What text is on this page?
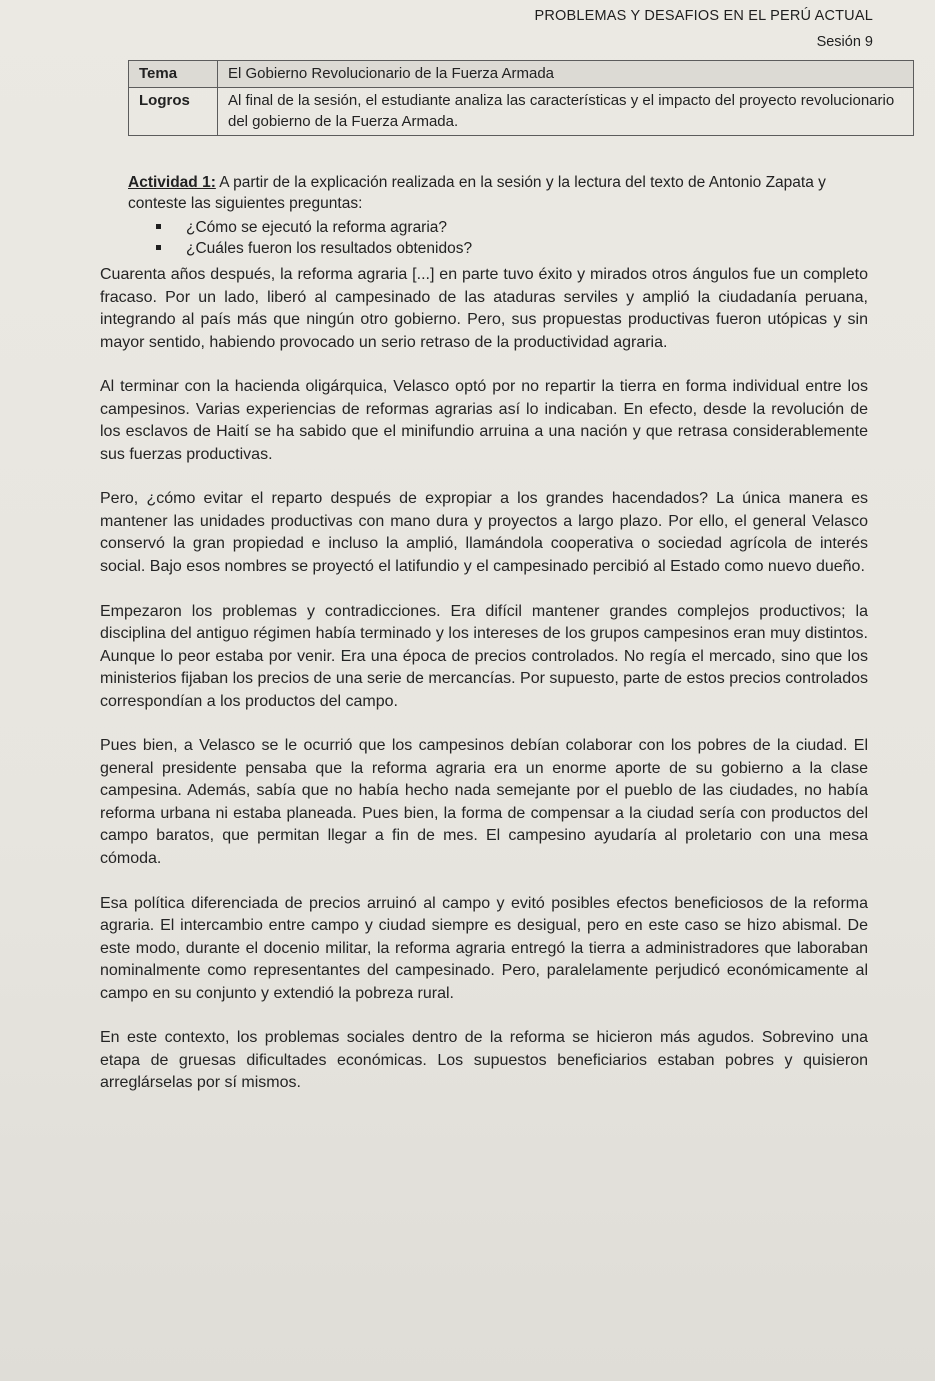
PROBLEMAS Y DESAFIOS EN EL PERÚ ACTUAL
Sesión 9
Tema	El Gobierno Revolucionario de la Fuerza Armada
Logros	Al final de la sesión, el estudiante analiza las características y el impacto del proyecto revolucionario del gobierno de la Fuerza Armada.
Actividad 1: A partir de la explicación realizada en la sesión y la lectura del texto de Antonio Zapata y conteste las siguientes preguntas:
¿Cómo se ejecutó la reforma agraria?
¿Cuáles fueron los resultados obtenidos?

Cuarenta años después, la reforma agraria [...] en parte tuvo éxito y mirados otros ángulos fue un completo fracaso. Por un lado, liberó al campesinado de las ataduras serviles y amplió la ciudadanía peruana, integrando al país más que ningún otro gobierno. Pero, sus propuestas productivas fueron utópicas y sin mayor sentido, habiendo provocado un serio retraso de la productividad agraria.

Al terminar con la hacienda oligárquica, Velasco optó por no repartir la tierra en forma individual entre los campesinos. Varias experiencias de reformas agrarias así lo indicaban. En efecto, desde la revolución de los esclavos de Haití se ha sabido que el minifundio arruina a una nación y que retrasa considerablemente sus fuerzas productivas.

Pero, ¿cómo evitar el reparto después de expropiar a los grandes hacendados? La única manera es mantener las unidades productivas con mano dura y proyectos a largo plazo. Por ello, el general Velasco conservó la gran propiedad e incluso la amplió, llamándola cooperativa o sociedad agrícola de interés social. Bajo esos nombres se proyectó el latifundio y el campesinado percibió al Estado como nuevo dueño.

Empezaron los problemas y contradicciones. Era difícil mantener grandes complejos productivos; la disciplina del antiguo régimen había terminado y los intereses de los grupos campesinos eran muy distintos. Aunque lo peor estaba por venir. Era una época de precios controlados. No regía el mercado, sino que los ministerios fijaban los precios de una serie de mercancías. Por supuesto, parte de estos precios controlados correspondían a los productos del campo.

Pues bien, a Velasco se le ocurrió que los campesinos debían colaborar con los pobres de la ciudad. El general presidente pensaba que la reforma agraria era un enorme aporte de su gobierno a la clase campesina. Además, sabía que no había hecho nada semejante por el pueblo de las ciudades, no había reforma urbana ni estaba planeada. Pues bien, la forma de compensar a la ciudad sería con productos del campo baratos, que permitan llegar a fin de mes. El campesino ayudaría al proletario con una mesa cómoda.

Esa política diferenciada de precios arruinó al campo y evitó posibles efectos beneficiosos de la reforma agraria. El intercambio entre campo y ciudad siempre es desigual, pero en este caso se hizo abismal. De este modo, durante el docenio militar, la reforma agraria entregó la tierra a administradores que laboraban nominalmente como representantes del campesinado. Pero, paralelamente perjudicó económicamente al campo en su conjunto y extendió la pobreza rural.

En este contexto, los problemas sociales dentro de la reforma se hicieron más agudos. Sobrevino una etapa de gruesas dificultades económicas. Los supuestos beneficiarios estaban pobres y quisieron arreglárselas por sí mismos.
